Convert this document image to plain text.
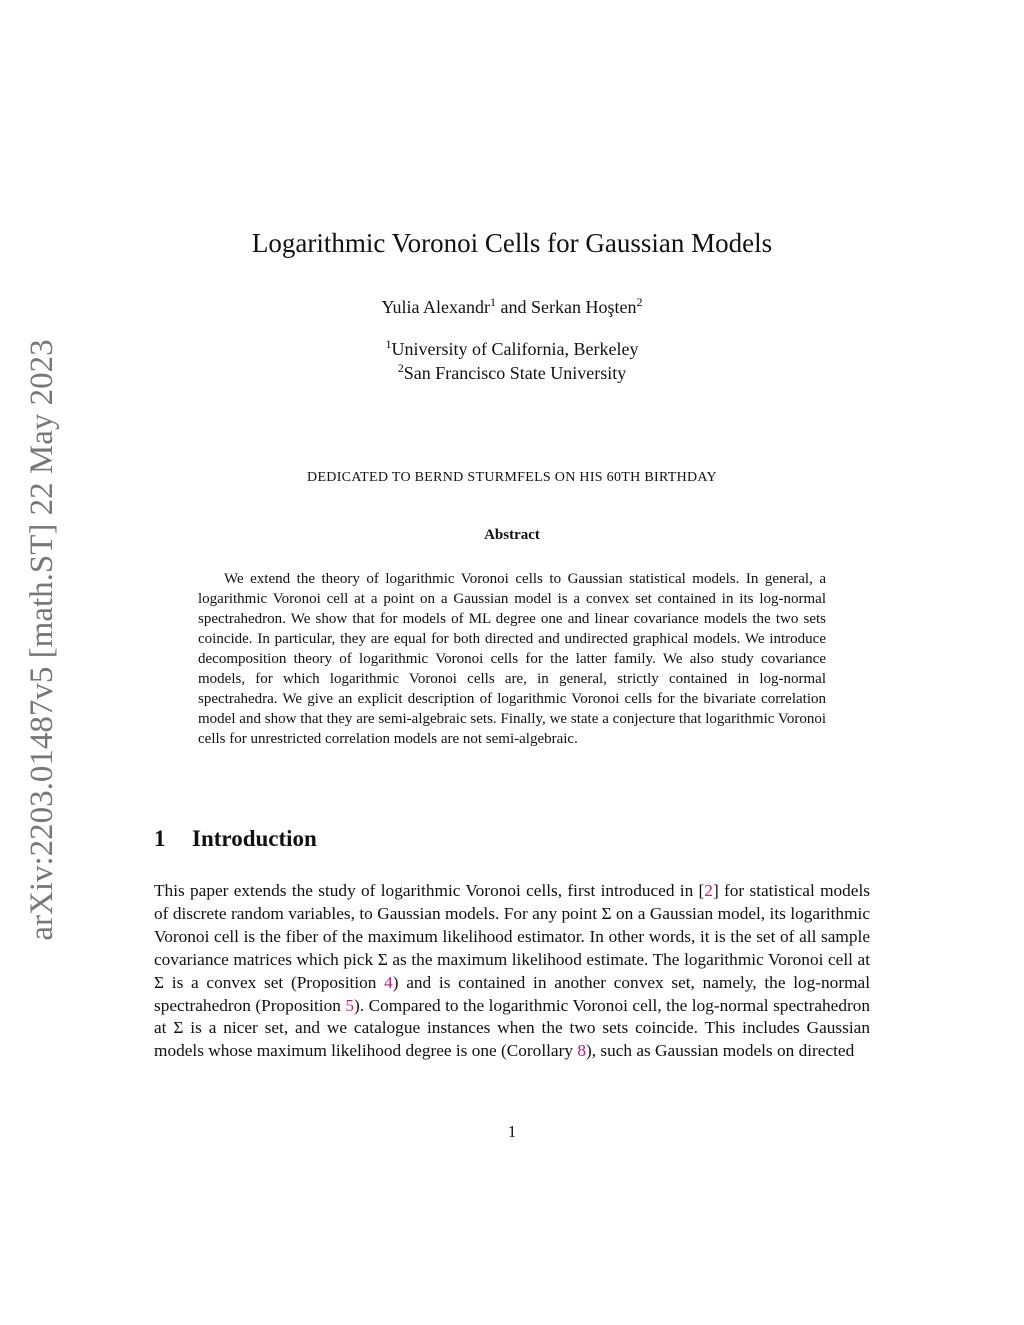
arXiv:2203.01487v5 [math.ST] 22 May 2023
Logarithmic Voronoi Cells for Gaussian Models
Yulia Alexandr$^1$ and Serkan Hoşten$^2$
$^1$University of California, Berkeley
$^2$San Francisco State University
DEDICATED TO BERND STURMFELS ON HIS 60TH BIRTHDAY
Abstract
We extend the theory of logarithmic Voronoi cells to Gaussian statistical models. In general, a logarithmic Voronoi cell at a point on a Gaussian model is a convex set contained in its log-normal spectrahedron. We show that for models of ML degree one and linear covariance models the two sets coincide. In particular, they are equal for both directed and undirected graphical models. We introduce decomposition theory of logarithmic Voronoi cells for the latter family. We also study covariance models, for which logarithmic Voronoi cells are, in general, strictly contained in log-normal spectrahedra. We give an explicit description of logarithmic Voronoi cells for the bivariate correlation model and show that they are semi-algebraic sets. Finally, we state a conjecture that logarithmic Voronoi cells for unrestricted correlation models are not semi-algebraic.
1 Introduction
This paper extends the study of logarithmic Voronoi cells, first introduced in [2] for statistical models of discrete random variables, to Gaussian models. For any point Σ on a Gaussian model, its logarithmic Voronoi cell is the fiber of the maximum likelihood estimator. In other words, it is the set of all sample covariance matrices which pick Σ as the maximum likelihood estimate. The logarithmic Voronoi cell at Σ is a convex set (Proposition 4) and is contained in another convex set, namely, the log-normal spectrahedron (Proposition 5). Compared to the logarithmic Voronoi cell, the log-normal spectrahedron at Σ is a nicer set, and we catalogue instances when the two sets coincide. This includes Gaussian models whose maximum likelihood degree is one (Corollary 8), such as Gaussian models on directed
1
